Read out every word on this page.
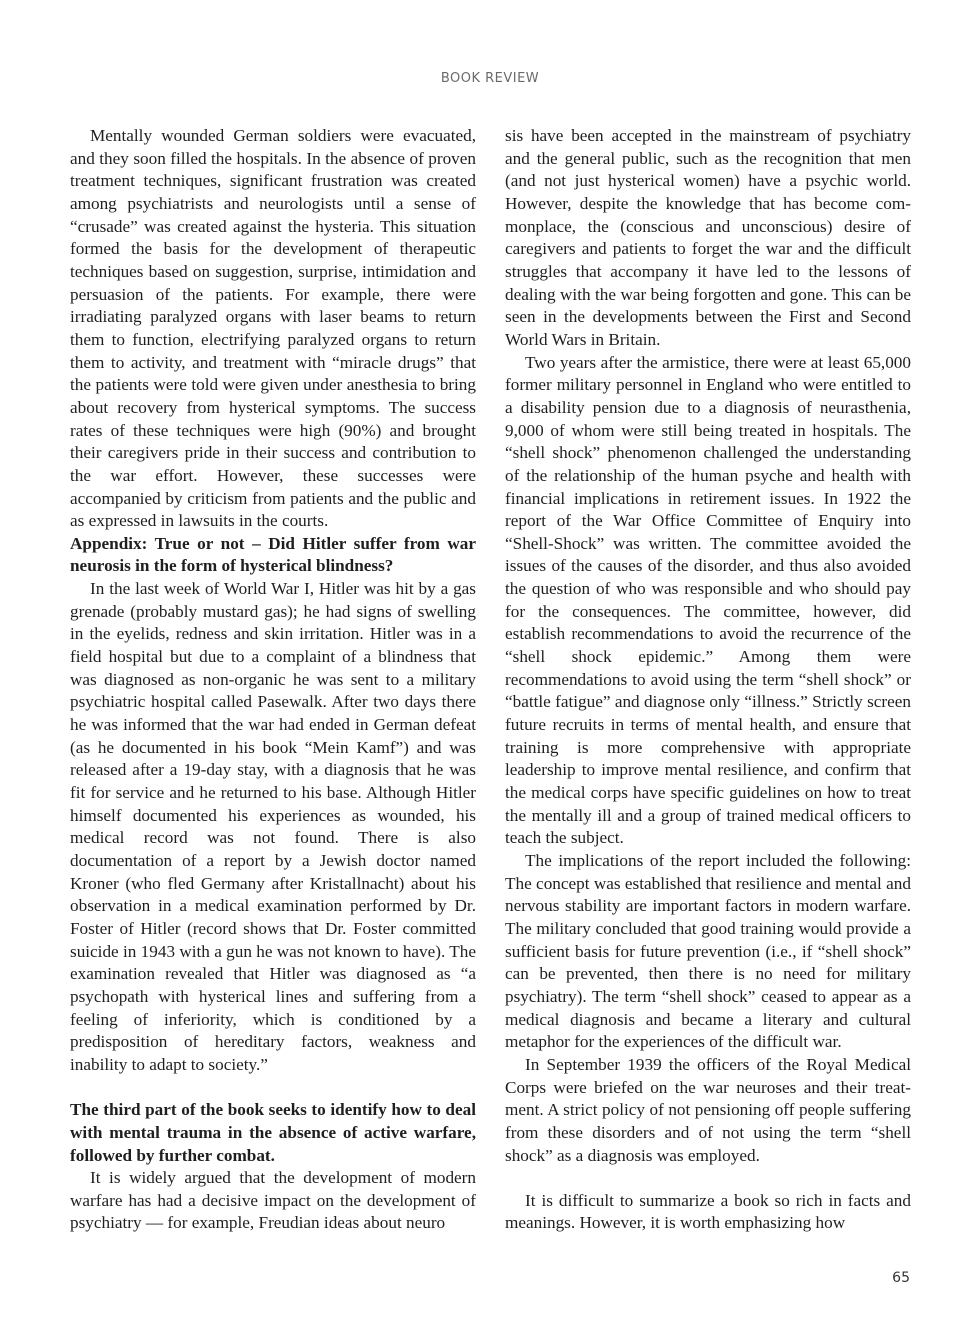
BOOK REVIEW

Mentally wounded German soldiers were evacuated, and they soon filled the hospitals. In the absence of proven treatment techniques, significant frustration was created among psychiatrists and neurologists until a sense of “crusade” was created against the hysteria. This situation formed the basis for the development of therapeutic techniques based on suggestion, surprise, intimidation and persuasion of the patients. For example, there were irradiating paralyzed organs with laser beams to return them to function, electrifying paralyzed organs to return them to activity, and treatment with “miracle drugs” that the patients were told were given under anesthesia to bring about recovery from hysterical symptoms. The success rates of these techniques were high (90%) and brought their caregivers pride in their success and contribution to the war effort. However, these successes were accompanied by criticism from patients and the public and as expressed in lawsuits in the courts.

Appendix: True or not – Did Hitler suffer from war neurosis in the form of hysterical blindness?

In the last week of World War I, Hitler was hit by a gas grenade (probably mustard gas); he had signs of swelling in the eyelids, redness and skin irritation. Hitler was in a field hospital but due to a complaint of a blindness that was diagnosed as non-organic he was sent to a military psychiatric hospital called Pasewalk. After two days there he was informed that the war had ended in German defeat (as he documented in his book “Mein Kamf”) and was released after a 19-day stay, with a diagnosis that he was fit for service and he returned to his base. Although Hitler himself documented his experiences as wounded, his medical record was not found. There is also documentation of a report by a Jewish doctor named Kroner (who fled Germany after Kristallnacht) about his observation in a medical examination performed by Dr. Foster of Hitler (record shows that Dr. Foster committed suicide in 1943 with a gun he was not known to have). The examination revealed that Hitler was diagnosed as “a psychopath with hysterical lines and suffering from a feeling of inferiority, which is conditioned by a predisposition of hereditary factors, weakness and inability to adapt to society.”

The third part of the book seeks to identify how to deal with mental trauma in the absence of active warfare, followed by further combat.

It is widely argued that the development of modern warfare has had a decisive impact on the development of psychiatry — for example, Freudian ideas about neuro

sis have been accepted in the mainstream of psychiatry and the general public, such as the recognition that men (and not just hysterical women) have a psychic world. However, despite the knowledge that has become commonplace, the (conscious and unconscious) desire of caregivers and patients to forget the war and the difficult struggles that accompany it have led to the lessons of dealing with the war being forgotten and gone. This can be seen in the developments between the First and Second World Wars in Britain.

Two years after the armistice, there were at least 65,000 former military personnel in England who were entitled to a disability pension due to a diagnosis of neurasthenia, 9,000 of whom were still being treated in hospitals. The “shell shock” phenomenon challenged the understanding of the relationship of the human psyche and health with financial implications in retirement issues. In 1922 the report of the War Office Committee of Enquiry into “Shell-Shock” was written. The committee avoided the issues of the causes of the disorder, and thus also avoided the question of who was responsible and who should pay for the consequences. The committee, however, did establish recommendations to avoid the recurrence of the “shell shock epidemic.” Among them were recommendations to avoid using the term “shell shock” or “battle fatigue” and diagnose only “illness.” Strictly screen future recruits in terms of mental health, and ensure that training is more comprehensive with appropriate leadership to improve mental resilience, and confirm that the medical corps have specific guidelines on how to treat the mentally ill and a group of trained medical officers to teach the subject.

The implications of the report included the following: The concept was established that resilience and mental and nervous stability are important factors in modern warfare. The military concluded that good training would provide a sufficient basis for future prevention (i.e., if “shell shock” can be prevented, then there is no need for military psychiatry). The term “shell shock” ceased to appear as a medical diagnosis and became a literary and cultural metaphor for the experiences of the difficult war.

In September 1939 the officers of the Royal Medical Corps were briefed on the war neuroses and their treatment. A strict policy of not pensioning off people suffering from these disorders and of not using the term “shell shock” as a diagnosis was employed.

It is difficult to summarize a book so rich in facts and meanings. However, it is worth emphasizing how

65
